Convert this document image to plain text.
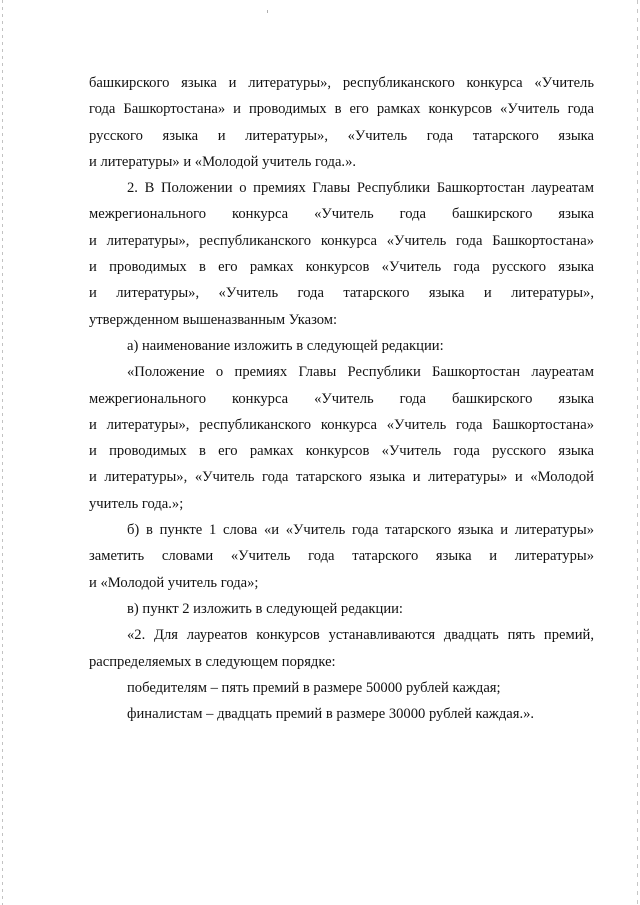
башкирского языка и литературы», республиканского конкурса «Учитель
года Башкортостана» и проводимых в его рамках конкурсов «Учитель года
русского языка и литературы», «Учитель года татарского языка
и литературы» и «Молодой учитель года.».
2. В Положении о премиях Главы Республики Башкортостан лауреатам
межрегионального конкурса «Учитель года башкирского языка
и литературы», республиканского конкурса «Учитель года Башкортостана»
и проводимых в его рамках конкурсов «Учитель года русского языка
и литературы», «Учитель года татарского языка и литературы»,
утвержденном вышеназванным Указом:
а) наименование изложить в следующей редакции:
«Положение о премиях Главы Республики Башкортостан лауреатам
межрегионального конкурса «Учитель года башкирского языка
и литературы», республиканского конкурса «Учитель года Башкортостана»
и проводимых в его рамках конкурсов «Учитель года русского языка
и литературы», «Учитель года татарского языка и литературы» и «Молодой
учитель года.»;
б) в пункте 1 слова «и «Учитель года татарского языка и литературы»
заметить словами «Учитель года татарского языка и литературы»
и «Молодой учитель года»;
в) пункт 2 изложить в следующей редакции:
«2. Для лауреатов конкурсов устанавливаются двадцать пять премий,
распределяемых в следующем порядке:
победителям – пять премий в размере 50000 рублей каждая;
финалистам – двадцать премий в размере 30000 рублей каждая.».
